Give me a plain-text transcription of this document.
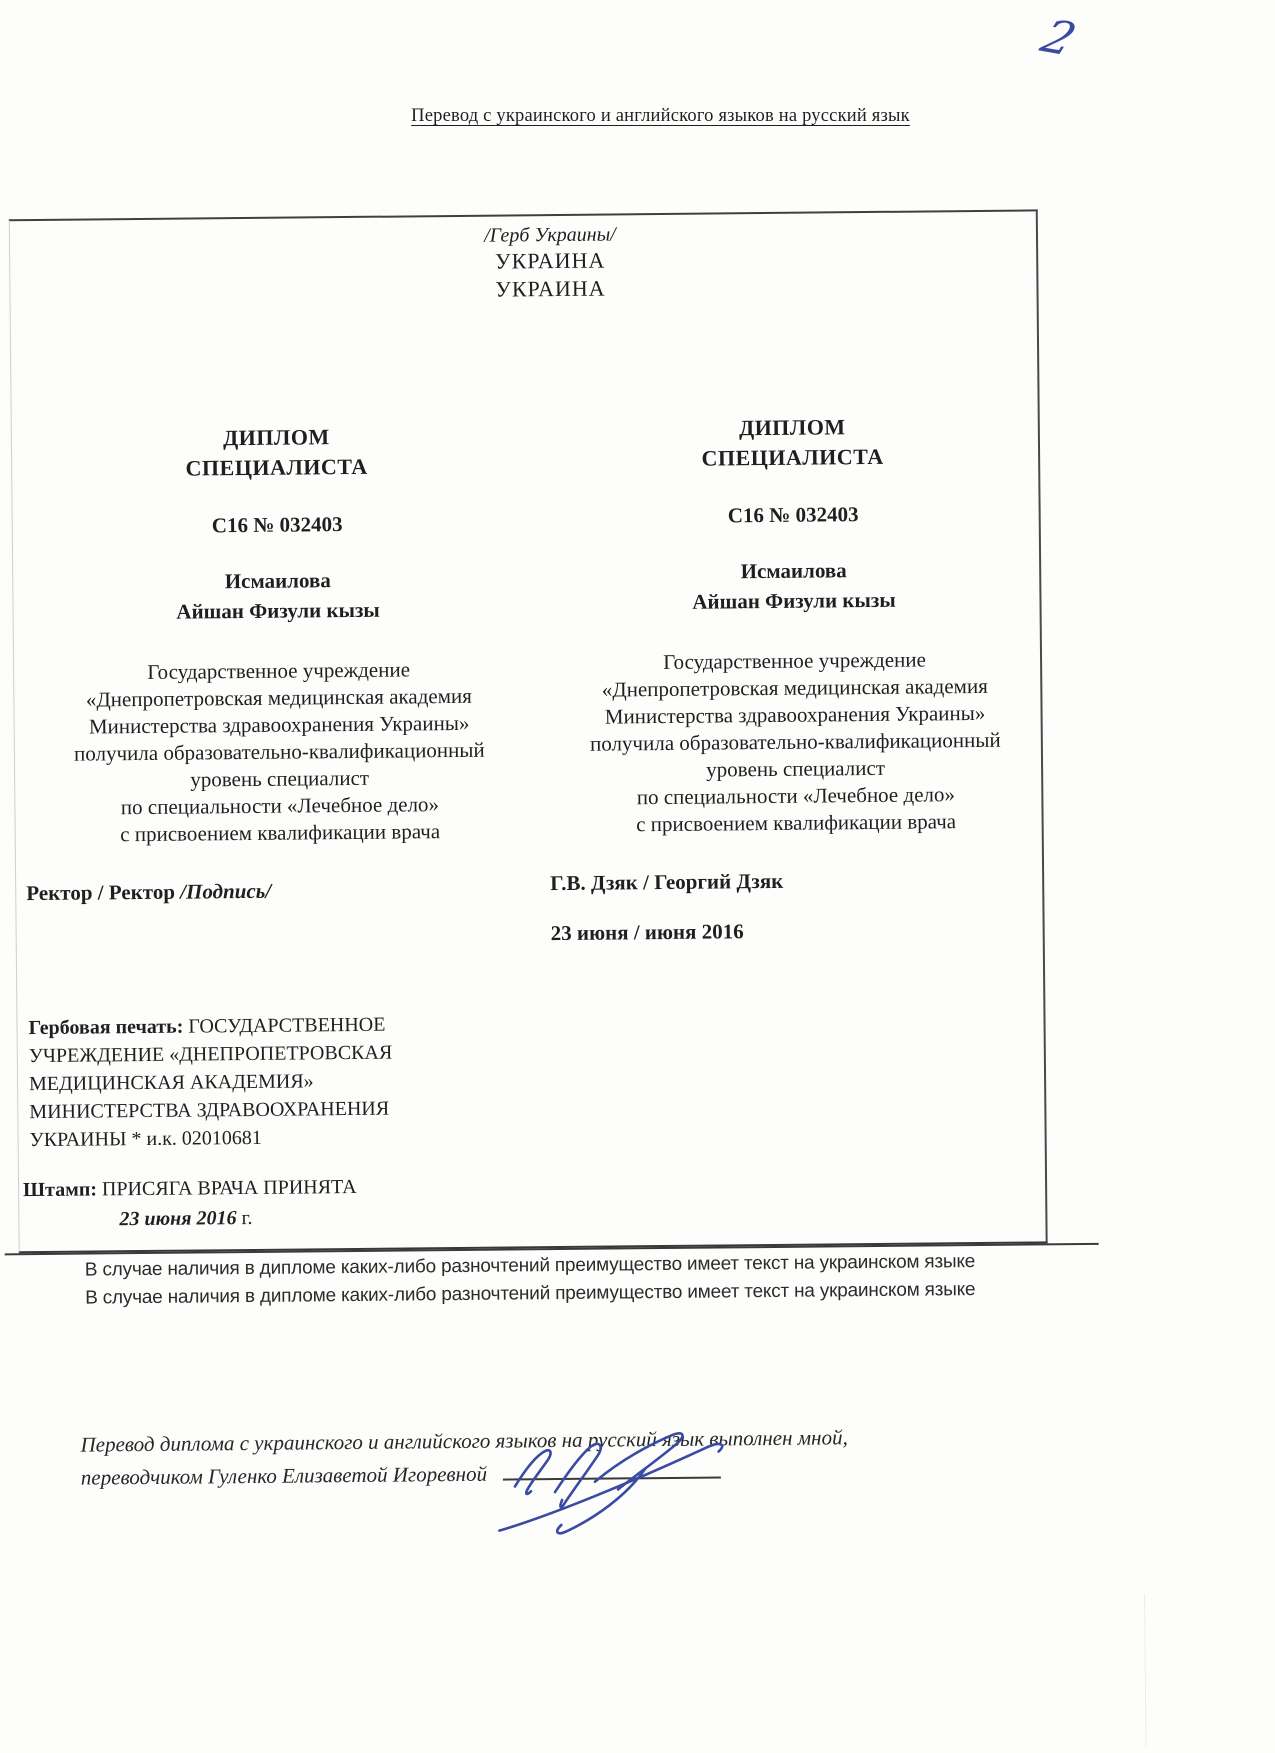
2
Перевод с украинского и английского языков на русский язык
/Герб Украины/
УКРАИНА
УКРАИНА
ДИПЛОМ
СПЕЦИАЛИСТА
С16 № 032403
Исмаилова
Айшан Физули кызы
Государственное учреждение
«Днепропетровская медицинская академия
Министерства здравоохранения Украины»
получила образовательно-квалификационный
уровень специалист
по специальности «Лечебное дело»
с присвоением квалификации врача
ДИПЛОМ
СПЕЦИАЛИСТА
С16 № 032403
Исмаилова
Айшан Физули кызы
Государственное учреждение
«Днепропетровская медицинская академия
Министерства здравоохранения Украины»
получила образовательно-квалификационный
уровень специалист
по специальности «Лечебное дело»
с присвоением квалификации врача
Ректор / Ректор /Подпись/	Г.В. Дзяк / Георгий Дзяк
23 июня / июня 2016
Гербовая печать: ГОСУДАРСТВЕННОЕ
УЧРЕЖДЕНИЕ «ДНЕПРОПЕТРОВСКАЯ
МЕДИЦИНСКАЯ АКАДЕМИЯ»
МИНИСТЕРСТВА ЗДРАВООХРАНЕНИЯ
УКРАИНЫ * и.к. 02010681
Штамп: ПРИСЯГА ВРАЧА ПРИНЯТА
23 июня 2016 г.
В случае наличия в дипломе каких-либо разночтений преимущество имеет текст на украинском языке
В случае наличия в дипломе каких-либо разночтений преимущество имеет текст на украинском языке
Перевод диплома с украинского и английского языков на русский язык выполнен мной,
переводчиком Гуленко Елизаветой Игоревной
